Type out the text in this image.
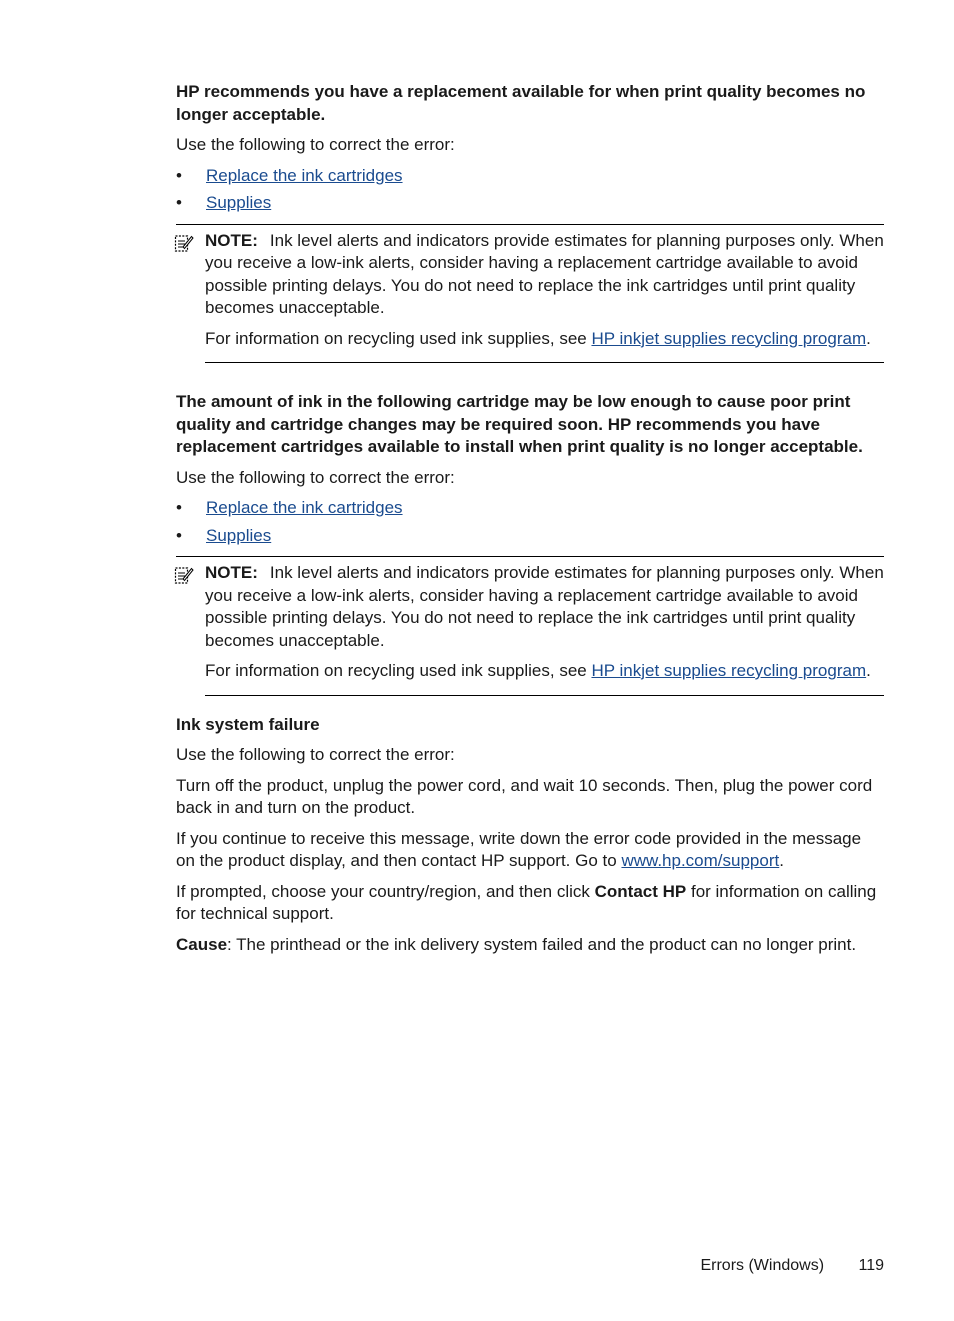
HP recommends you have a replacement available for when print quality becomes no longer acceptable.

Use the following to correct the error:

• Replace the ink cartridges
• Supplies

NOTE: Ink level alerts and indicators provide estimates for planning purposes only. When you receive a low-ink alerts, consider having a replacement cartridge available to avoid possible printing delays. You do not need to replace the ink cartridges until print quality becomes unacceptable.

For information on recycling used ink supplies, see HP inkjet supplies recycling program.

The amount of ink in the following cartridge may be low enough to cause poor print quality and cartridge changes may be required soon. HP recommends you have replacement cartridges available to install when print quality is no longer acceptable.

Use the following to correct the error:

• Replace the ink cartridges
• Supplies

NOTE: Ink level alerts and indicators provide estimates for planning purposes only. When you receive a low-ink alerts, consider having a replacement cartridge available to avoid possible printing delays. You do not need to replace the ink cartridges until print quality becomes unacceptable.

For information on recycling used ink supplies, see HP inkjet supplies recycling program.

Ink system failure

Use the following to correct the error:

Turn off the product, unplug the power cord, and wait 10 seconds. Then, plug the power cord back in and turn on the product.

If you continue to receive this message, write down the error code provided in the message on the product display, and then contact HP support. Go to www.hp.com/support.

If prompted, choose your country/region, and then click Contact HP for information on calling for technical support.

Cause: The printhead or the ink delivery system failed and the product can no longer print.

Errors (Windows) 119
